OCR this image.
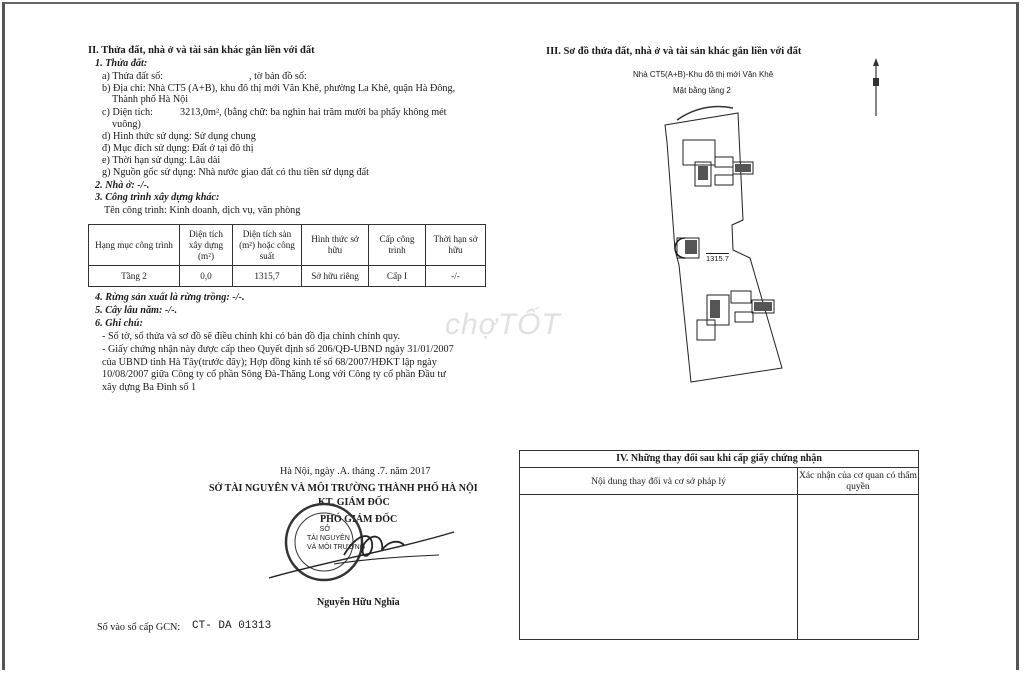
II. Thửa đất, nhà ở và tài sản khác gắn liền với đất
1. Thửa đất:
a) Thửa đất số:	, tờ bản đồ số:
b) Địa chỉ: Nhà CT5 (A+B), khu đô thị mới Văn Khê, phường La Khê, quận Hà Đông,
Thành phố Hà Nội
c) Diện tích:	3213,0m², (bằng chữ: ba nghìn hai trăm mười ba phẩy không mét
vuông)
d) Hình thức sử dụng: Sử dụng chung
đ) Mục đích sử dụng: Đất ở tại đô thị
e) Thời hạn sử dụng: Lâu dài
g) Nguồn gốc sử dụng: Nhà nước giao đất có thu tiền sử dụng đất
2. Nhà ở: -/-.
3. Công trình xây dựng khác:
Tên công trình: Kinh doanh, dịch vụ, văn phòng
Hạng mục công trình	Diện tích xây dựng (m²)	Diện tích sàn (m²) hoặc công suất	Hình thức sở hữu	Cấp công trình	Thời hạn sở hữu
Tầng 2	0,0	1315,7	Sở hữu riêng	Cấp I	-/-
4. Rừng sản xuất là rừng trồng: -/-.
5. Cây lâu năm: -/-.
6. Ghi chú:
- Số tờ, số thửa và sơ đồ sẽ điều chỉnh khi có bản đồ địa chính chính quy.
- Giấy chứng nhận này được cấp theo Quyết định số 206/QĐ-UBND ngày 31/01/2007
của UBND tỉnh Hà Tây(trước đây); Hợp đồng kinh tế số 68/2007/HĐKT lập ngày
10/08/2007 giữa Công ty cổ phần Sông Đà-Thăng Long với Công ty cổ phần Đầu tư
xây dựng Ba Đình số 1
chợTỐT
Hà Nội, ngày .A. tháng .7. năm 2017
SỞ TÀI NGUYÊN VÀ MÔI TRƯỜNG THÀNH PHỐ HÀ NỘI
KT. GIÁM ĐỐC
PHÓ GIÁM ĐỐC
SỞ
TÀI NGUYÊN
VÀ MÔI TRƯỜNG
Nguyễn Hữu Nghĩa
Số vào sổ cấp GCN: CT- DA 01313
III. Sơ đồ thửa đất, nhà ở và tài sản khác gắn liền với đất
Nhà CT5(A+B)-Khu đô thị mới Văn Khê
Mặt bằng tầng 2
1315.7
IV. Những thay đổi sau khi cấp giấy chứng nhận
Nội dung thay đổi và cơ sở pháp lý	Xác nhận của cơ quan có thẩm quyền
